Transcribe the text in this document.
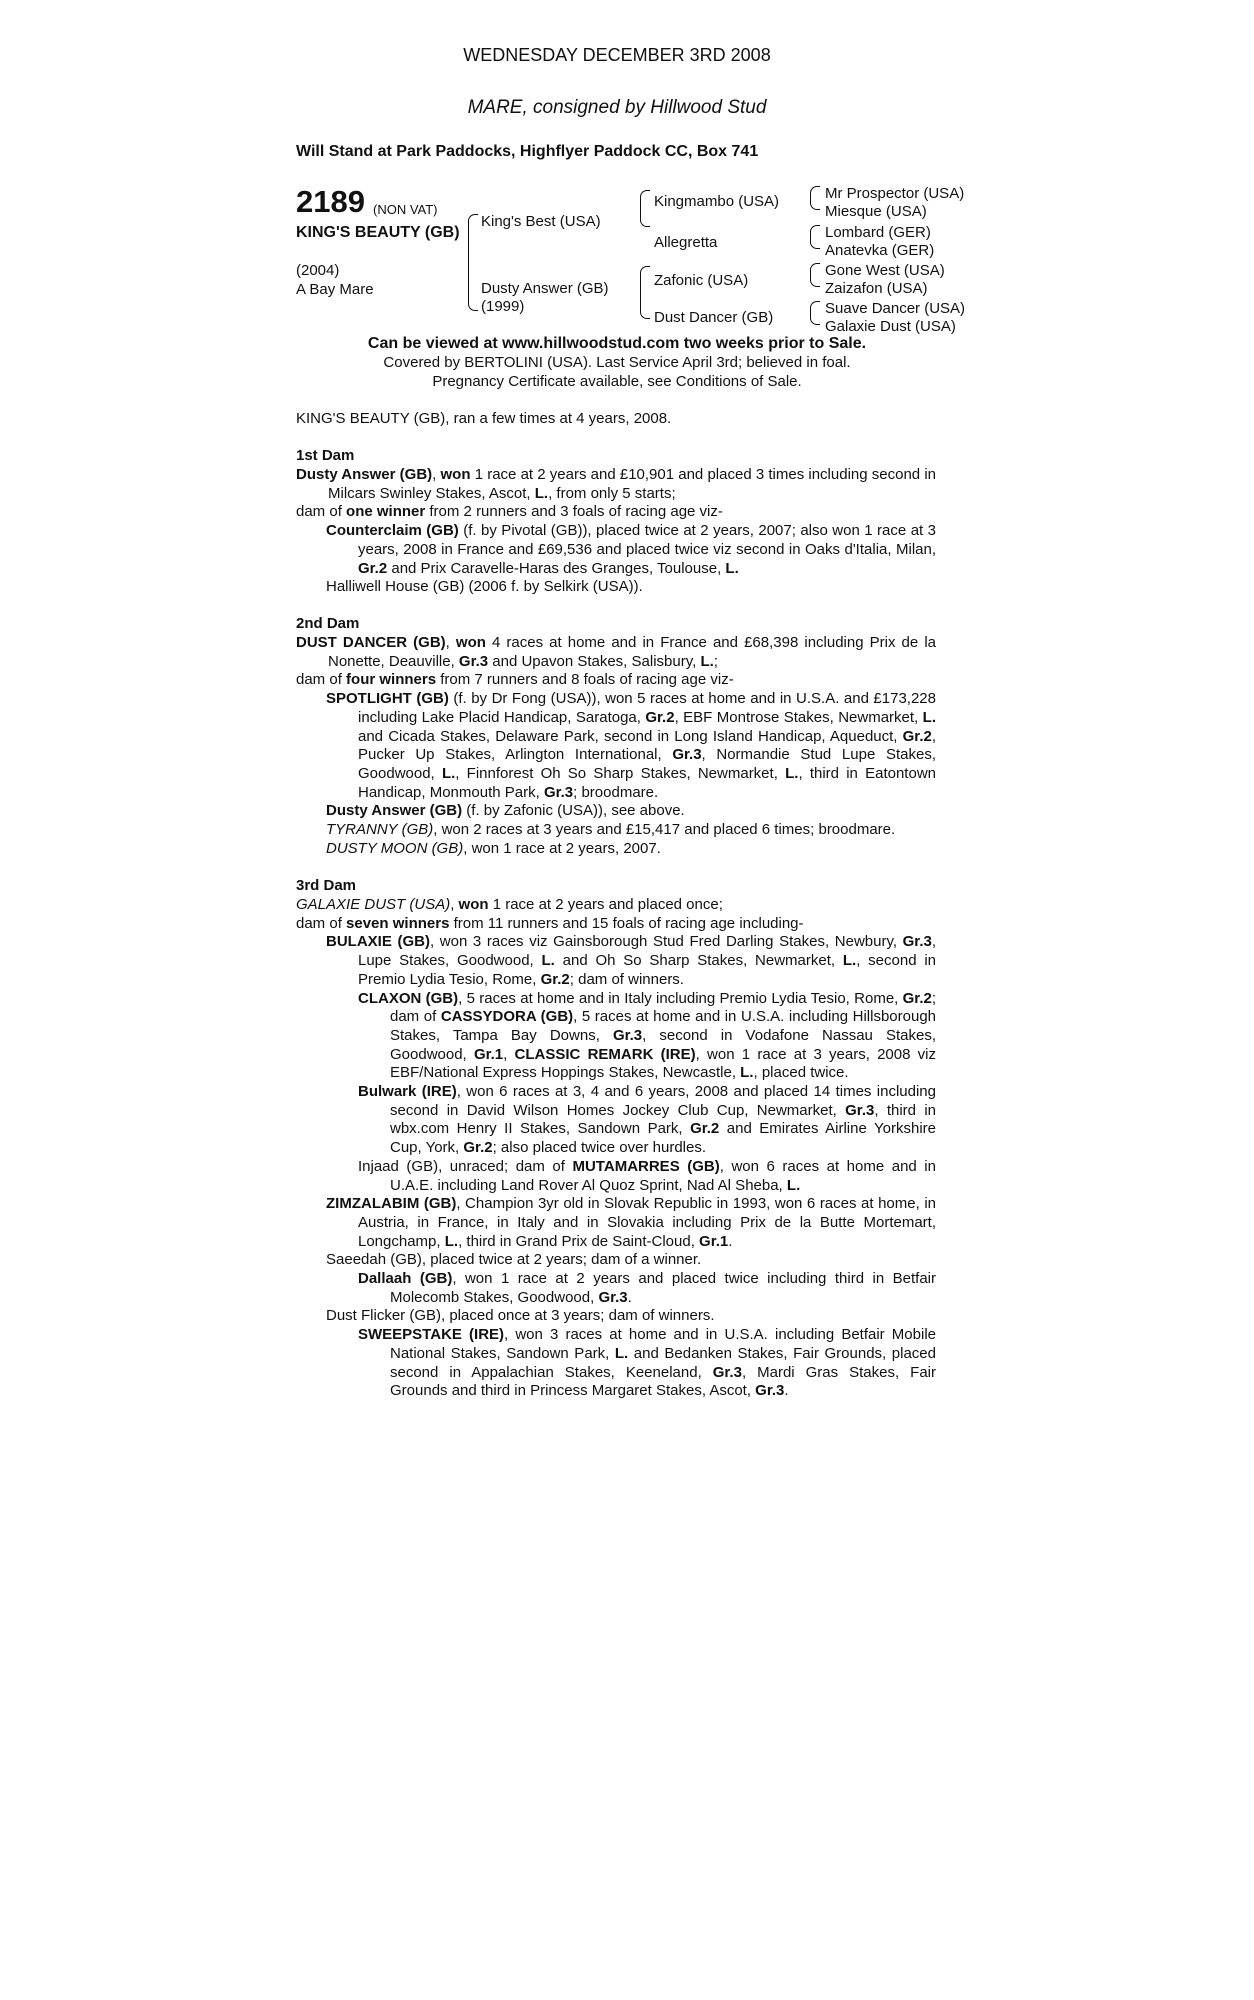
WEDNESDAY DECEMBER 3RD 2008
MARE, consigned by Hillwood Stud
Will Stand at Park Paddocks, Highflyer Paddock CC, Box 741
2189 (NON VAT)
KING'S BEAUTY (GB)
(2004)
A Bay Mare
King's Best (USA)
Dusty Answer (GB)
(1999)
Kingmambo (USA)
Allegretta
Zafonic (USA)
Dust Dancer (GB)
Mr Prospector (USA)
Miesque (USA)
Lombard (GER)
Anatevka (GER)
Gone West (USA)
Zaizafon (USA)
Suave Dancer (USA)
Galaxie Dust (USA)
Can be viewed at www.hillwoodstud.com two weeks prior to Sale.
Covered by BERTOLINI (USA). Last Service April 3rd; believed in foal.
Pregnancy Certificate available, see Conditions of Sale.
KING'S BEAUTY (GB), ran a few times at 4 years, 2008.
1st Dam

Dusty Answer (GB), won 1 race at 2 years and £10,901 and placed 3 times including second in Milcars Swinley Stakes, Ascot, L., from only 5 starts;

dam of one winner from 2 runners and 3 foals of racing age viz-

Counterclaim (GB) (f. by Pivotal (GB)), placed twice at 2 years, 2007; also won 1 race at 3 years, 2008 in France and £69,536 and placed twice viz second in Oaks d'Italia, Milan, Gr.2 and Prix Caravelle-Haras des Granges, Toulouse, L.

Halliwell House (GB) (2006 f. by Selkirk (USA)).

2nd Dam

DUST DANCER (GB), won 4 races at home and in France and £68,398 including Prix de la Nonette, Deauville, Gr.3 and Upavon Stakes, Salisbury, L.;

dam of four winners from 7 runners and 8 foals of racing age viz-

SPOTLIGHT (GB) (f. by Dr Fong (USA)), won 5 races at home and in U.S.A. and £173,228 including Lake Placid Handicap, Saratoga, Gr.2, EBF Montrose Stakes, Newmarket, L. and Cicada Stakes, Delaware Park, second in Long Island Handicap, Aqueduct, Gr.2, Pucker Up Stakes, Arlington International, Gr.3, Normandie Stud Lupe Stakes, Goodwood, L., Finnforest Oh So Sharp Stakes, Newmarket, L., third in Eatontown Handicap, Monmouth Park, Gr.3; broodmare.

Dusty Answer (GB) (f. by Zafonic (USA)), see above.

TYRANNY (GB), won 2 races at 3 years and £15,417 and placed 6 times; broodmare.

DUSTY MOON (GB), won 1 race at 2 years, 2007.

3rd Dam

GALAXIE DUST (USA), won 1 race at 2 years and placed once;

dam of seven winners from 11 runners and 15 foals of racing age including-

BULAXIE (GB), won 3 races viz Gainsborough Stud Fred Darling Stakes, Newbury, Gr.3, Lupe Stakes, Goodwood, L. and Oh So Sharp Stakes, Newmarket, L., second in Premio Lydia Tesio, Rome, Gr.2; dam of winners.

CLAXON (GB), 5 races at home and in Italy including Premio Lydia Tesio, Rome, Gr.2; dam of CASSYDORA (GB), 5 races at home and in U.S.A. including Hillsborough Stakes, Tampa Bay Downs, Gr.3, second in Vodafone Nassau Stakes, Goodwood, Gr.1, CLASSIC REMARK (IRE), won 1 race at 3 years, 2008 viz EBF/National Express Hoppings Stakes, Newcastle, L., placed twice.

Bulwark (IRE), won 6 races at 3, 4 and 6 years, 2008 and placed 14 times including second in David Wilson Homes Jockey Club Cup, Newmarket, Gr.3, third in wbx.com Henry II Stakes, Sandown Park, Gr.2 and Emirates Airline Yorkshire Cup, York, Gr.2; also placed twice over hurdles.

Injaad (GB), unraced; dam of MUTAMARRES (GB), won 6 races at home and in U.A.E. including Land Rover Al Quoz Sprint, Nad Al Sheba, L.

ZIMZALABIM (GB), Champion 3yr old in Slovak Republic in 1993, won 6 races at home, in Austria, in France, in Italy and in Slovakia including Prix de la Butte Mortemart, Longchamp, L., third in Grand Prix de Saint-Cloud, Gr.1.

Saeedah (GB), placed twice at 2 years; dam of a winner.

Dallaah (GB), won 1 race at 2 years and placed twice including third in Betfair Molecomb Stakes, Goodwood, Gr.3.

Dust Flicker (GB), placed once at 3 years; dam of winners.

SWEEPSTAKE (IRE), won 3 races at home and in U.S.A. including Betfair Mobile National Stakes, Sandown Park, L. and Bedanken Stakes, Fair Grounds, placed second in Appalachian Stakes, Keeneland, Gr.3, Mardi Gras Stakes, Fair Grounds and third in Princess Margaret Stakes, Ascot, Gr.3.
